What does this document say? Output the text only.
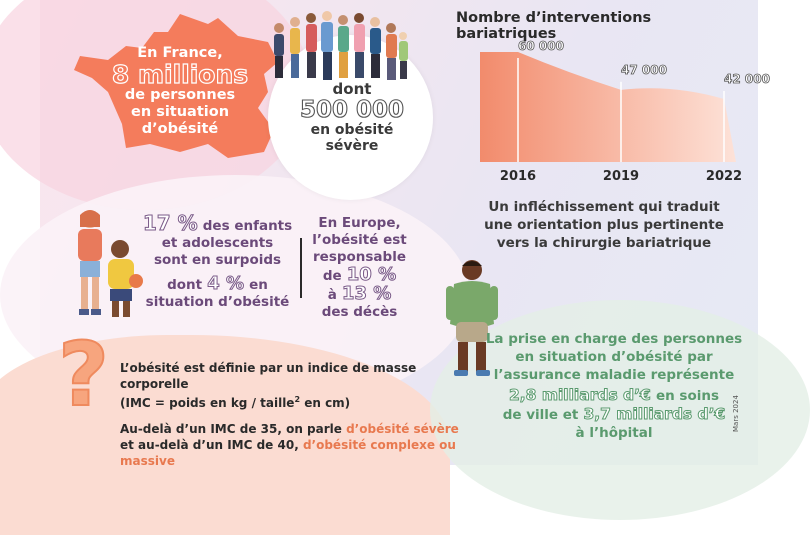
En France,
8 millions
de personnes
en situation
d’obésité
dont
500 000
en obésité
sévère
Nombre d’interventions bariatriques
60 000
2016
47 000
2019
42 000
2022
Un infléchissement qui traduit
une orientation plus pertinente
vers la chirurgie bariatrique
17 % des enfants
et adolescents
sont en surpoids
dont 4 % en
situation d’obésité
En Europe,
l’obésité est
responsable
de 10 %
à 13 %
des décès
La prise en charge des personnes
en situation d’obésité par
l’assurance maladie représente
2,8 milliards d’€ en soins
de ville et 3,7 milliards d’€
à l’hôpital
Mars 2024
? L’obésité est définie par un indice de masse corporelle
(IMC = poids en kg / taille$^2$ en cm)
Au-delà d’un IMC de 35, on parle d’obésité sévère
et au-delà d’un IMC de 40, d’obésité complexe ou massive
